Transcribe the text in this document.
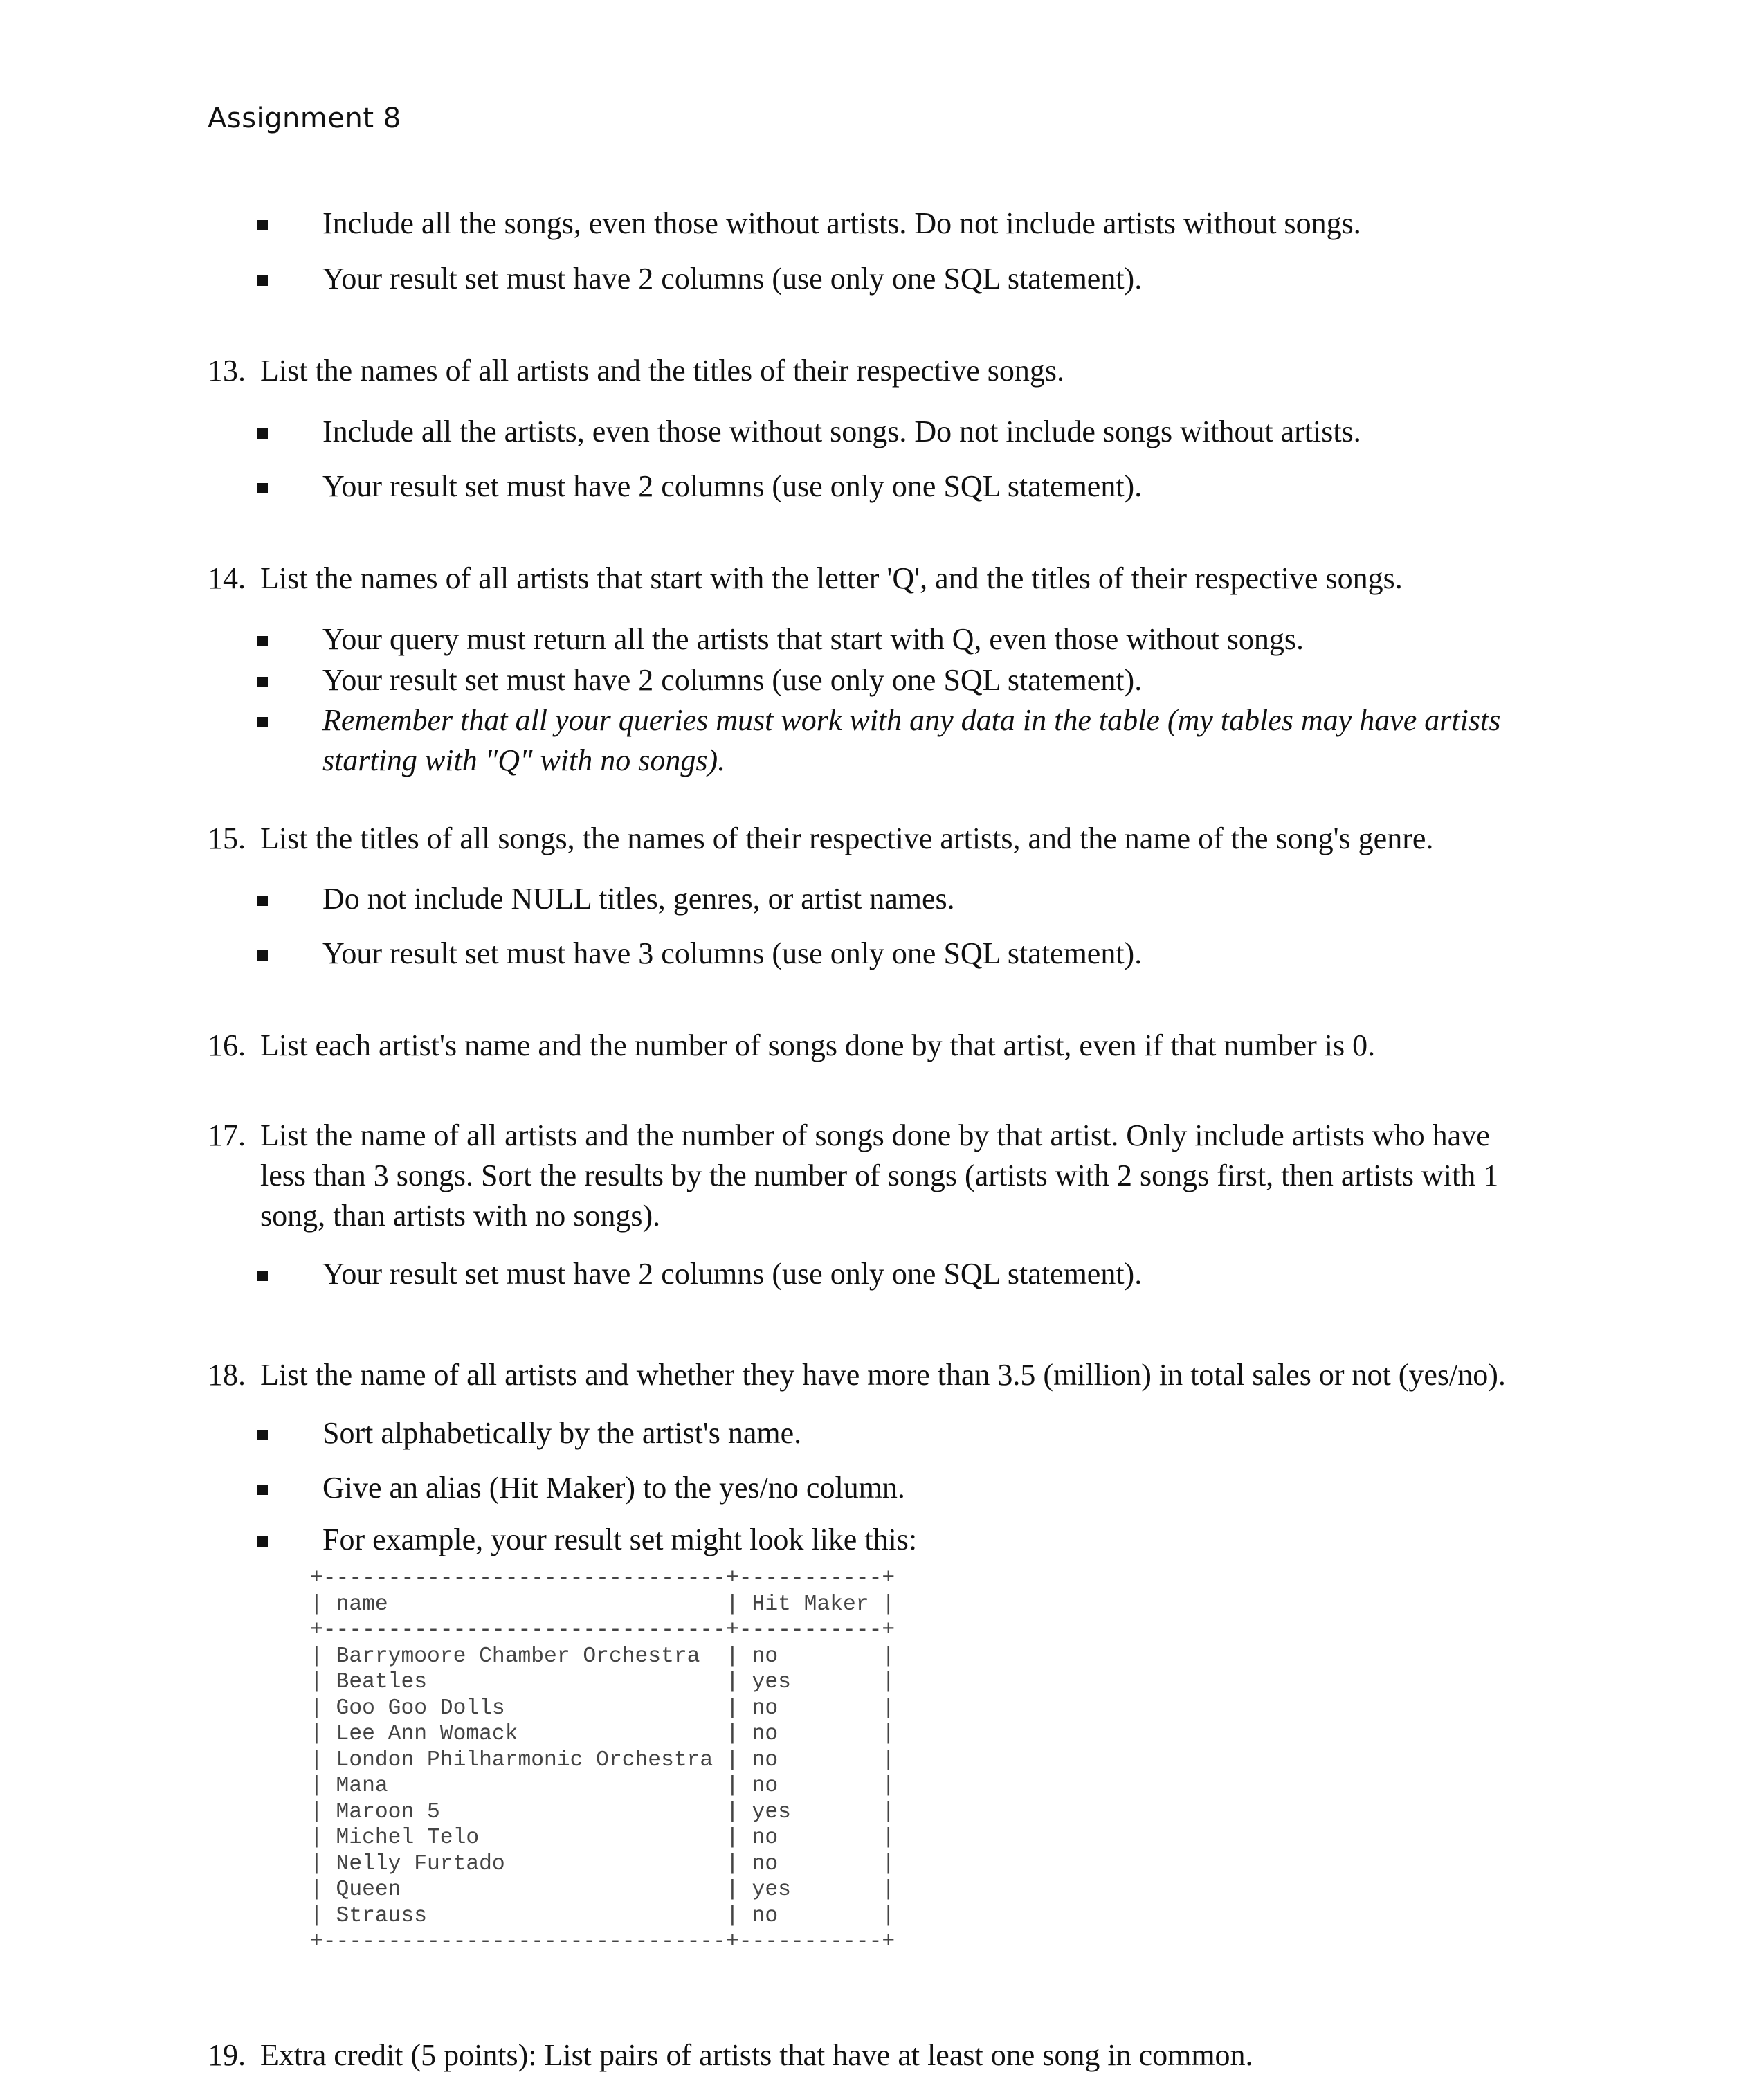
Assignment 8
Include all the songs, even those without artists. Do not include artists without songs.
Your result set must have 2 columns (use only one SQL statement).
13. List the names of all artists and the titles of their respective songs.
Include all the artists, even those without songs. Do not include songs without artists.
Your result set must have 2 columns (use only one SQL statement).
14. List the names of all artists that start with the letter 'Q', and the titles of their respective songs.
Your query must return all the artists that start with Q, even those without songs.
Your result set must have 2 columns (use only one SQL statement).
Remember that all your queries must work with any data in the table (my tables may have artists
starting with "Q" with no songs).
15. List the titles of all songs, the names of their respective artists, and the name of the song's genre.
Do not include NULL titles, genres, or artist names.
Your result set must have 3 columns (use only one SQL statement).
16. List each artist's name and the number of songs done by that artist, even if that number is 0.
17. List the name of all artists and the number of songs done by that artist. Only include artists who have
less than 3 songs. Sort the results by the number of songs (artists with 2 songs first, then artists with 1
song, than artists with no songs).
Your result set must have 2 columns (use only one SQL statement).
18. List the name of all artists and whether they have more than 3.5 (million) in total sales or not (yes/no).
Sort alphabetically by the artist's name.
Give an alias (Hit Maker) to the yes/no column.
For example, your result set might look like this:
+-------------------------------+-----------+
| name                          | Hit Maker |
+-------------------------------+-----------+
| Barrymoore Chamber Orchestra  | no        |
| Beatles                       | yes       |
| Goo Goo Dolls                 | no        |
| Lee Ann Womack                | no        |
| London Philharmonic Orchestra | no        |
| Mana                          | no        |
| Maroon 5                      | yes       |
| Michel Telo                   | no        |
| Nelly Furtado                 | no        |
| Queen                         | yes       |
| Strauss                       | no        |
+-------------------------------+-----------+
19. Extra credit (5 points): List pairs of artists that have at least one song in common.
